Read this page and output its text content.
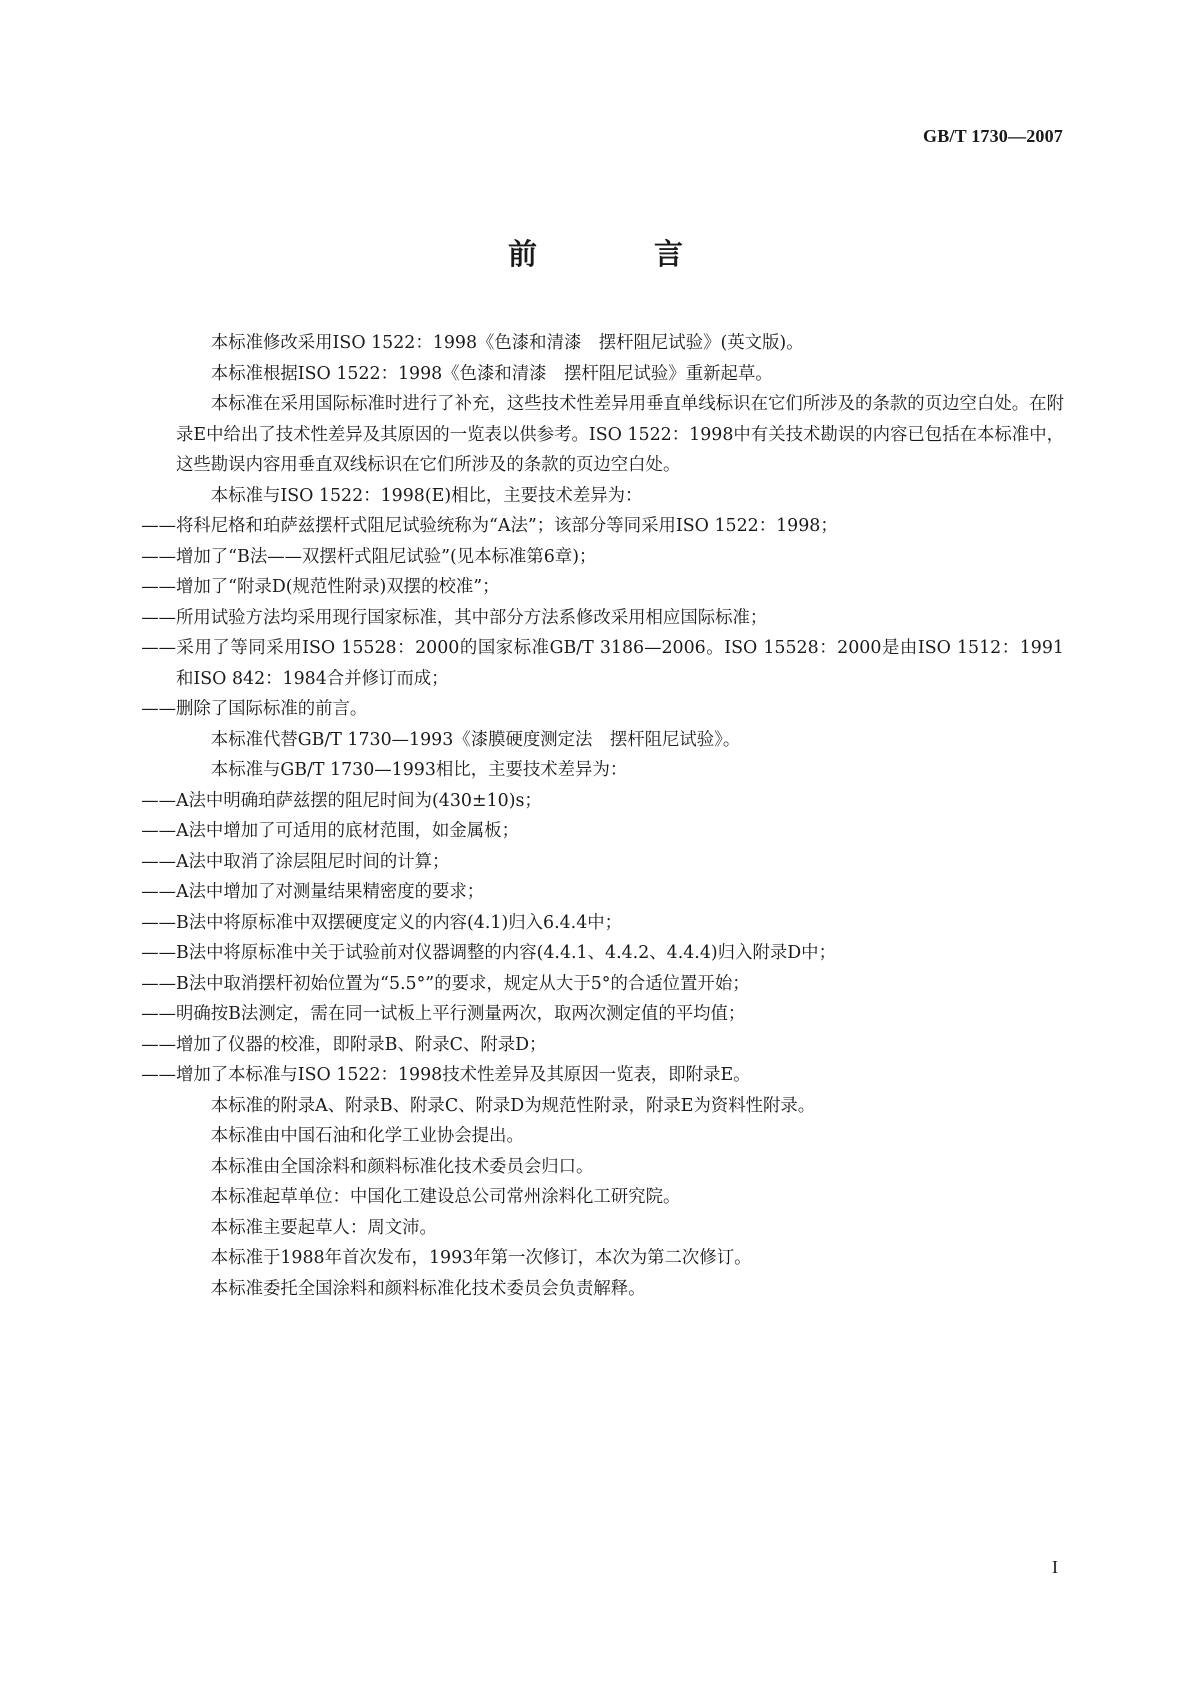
GB/T 1730—2007
前　言

本标准修改采用ISO 1522：1998《色漆和清漆　摆杆阻尼试验》(英文版)。

本标准根据ISO 1522：1998《色漆和清漆　摆杆阻尼试验》重新起草。

本标准在采用国际标准时进行了补充，这些技术性差异用垂直单线标识在它们所涉及的条款的页边空白处。在附录E中给出了技术性差异及其原因的一览表以供参考。ISO 1522：1998中有关技术勘误的内容已包括在本标准中，这些勘误内容用垂直双线标识在它们所涉及的条款的页边空白处。

本标准与ISO 1522：1998(E)相比，主要技术差异为：

——将科尼格和珀萨兹摆杆式阻尼试验统称为“A法”；该部分等同采用ISO 1522：1998；

——增加了“B法——双摆杆式阻尼试验”(见本标准第6章)；

——增加了“附录D(规范性附录)双摆的校准”；

——所用试验方法均采用现行国家标准，其中部分方法系修改采用相应国际标准；

——采用了等同采用ISO 15528：2000的国家标准GB/T 3186—2006。ISO 15528：2000是由ISO 1512：1991和ISO 842：1984合并修订而成；

——删除了国际标准的前言。

本标准代替GB/T 1730—1993《漆膜硬度测定法　摆杆阻尼试验》。

本标准与GB/T 1730—1993相比，主要技术差异为：

——A法中明确珀萨兹摆的阻尼时间为(430±10)s；

——A法中增加了可适用的底材范围，如金属板；

——A法中取消了涂层阻尼时间的计算；

——A法中增加了对测量结果精密度的要求；

——B法中将原标准中双摆硬度定义的内容(4.1)归入6.4.4中；

——B法中将原标准中关于试验前对仪器调整的内容(4.4.1、4.4.2、4.4.4)归入附录D中；

——B法中取消摆杆初始位置为“5.5°”的要求，规定从大于5°的合适位置开始；

——明确按B法测定，需在同一试板上平行测量两次，取两次测定值的平均值；

——增加了仪器的校准，即附录B、附录C、附录D；

——增加了本标准与ISO 1522：1998技术性差异及其原因一览表，即附录E。

本标准的附录A、附录B、附录C、附录D为规范性附录，附录E为资料性附录。

本标准由中国石油和化学工业协会提出。

本标准由全国涂料和颜料标准化技术委员会归口。

本标准起草单位：中国化工建设总公司常州涂料化工研究院。

本标准主要起草人：周文沛。

本标准于1988年首次发布，1993年第一次修订，本次为第二次修订。

本标准委托全国涂料和颜料标准化技术委员会负责解释。

I
